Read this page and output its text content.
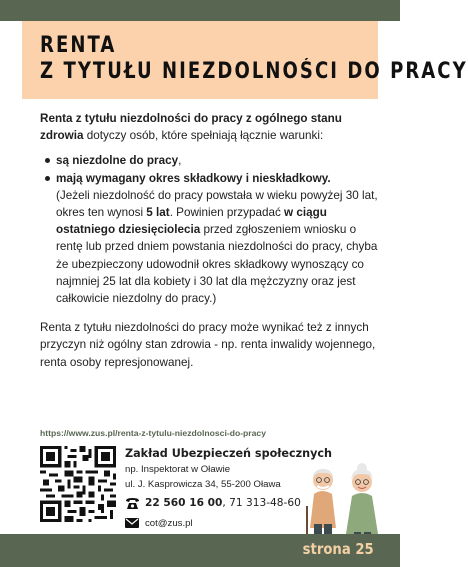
RENTA
Z TYTUŁU NIEZDOLNOŚCI DO PRACY

Renta z tytułu niezdolności do pracy z ogólnego stanu zdrowia dotyczy osób, które spełniają łącznie warunki:

są niezdolne do pracy,
mają wymagany okres składkowy i nieskładkowy.
(Jeżeli niezdolność do pracy powstała w wieku powyżej 30 lat, okres ten wynosi 5 lat. Powinien przypadać w ciągu ostatniego dziesięciolecia przed zgłoszeniem wniosku o rentę lub przed dniem powstania niezdolności do pracy, chyba że ubezpieczony udowodnił okres składkowy wynoszący co najmniej 25 lat dla kobiety i 30 lat dla mężczyzny oraz jest całkowicie niezdolny do pracy.)

Renta z tytułu niezdolności do pracy może wynikać też z innych przyczyn niż ogólny stan zdrowia - np. renta inwalidy wojennego, renta osoby represjonowanej.

https://www.zus.pl/renta-z-tytulu-niezdolnosci-do-pracy
Zakład Ubezpieczeń społecznych
np. Inspektorat w Oławie
ul. J. Kasprowicza 34, 55-200 Oława
22 560 16 00, 71 313-48-60
cot@zus.pl
strona 25
